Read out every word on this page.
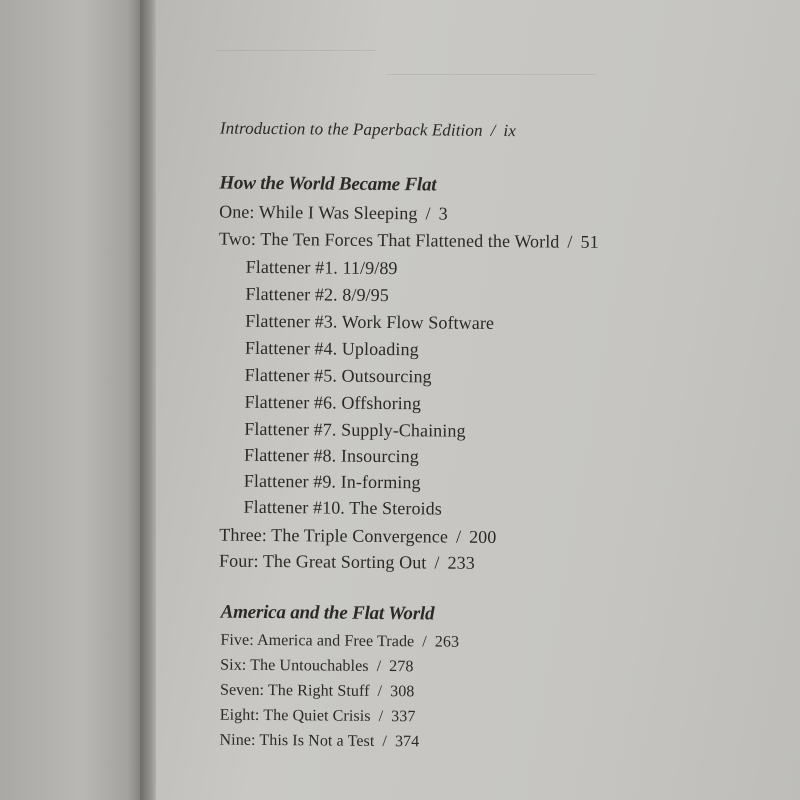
Introduction to the Paperback Edition / ix
How the World Became Flat
One: While I Was Sleeping / 3
Two: The Ten Forces That Flattened the World / 51
Flattener #1. 11/9/89
Flattener #2. 8/9/95
Flattener #3. Work Flow Software
Flattener #4. Uploading
Flattener #5. Outsourcing
Flattener #6. Offshoring
Flattener #7. Supply-Chaining
Flattener #8. Insourcing
Flattener #9. In-forming
Flattener #10. The Steroids
Three: The Triple Convergence / 200
Four: The Great Sorting Out / 233
America and the Flat World
Five: America and Free Trade / 263
Six: The Untouchables / 278
Seven: The Right Stuff / 308
Eight: The Quiet Crisis / 337
Nine: This Is Not a Test / 374
